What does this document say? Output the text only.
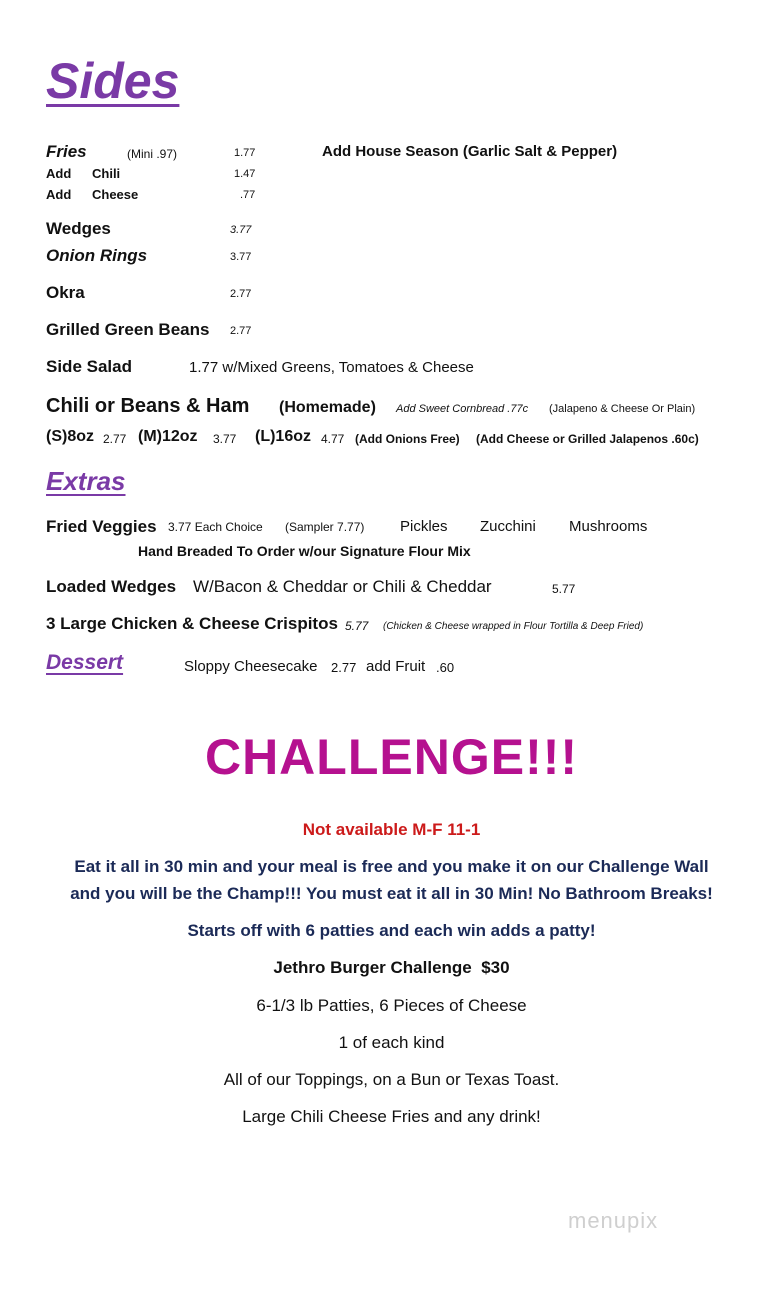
Sides
Fries	(Mini .97)	1.77	Add House Season (Garlic Salt & Pepper)
Add Chili	1.47
Add Cheese	.77
Wedges	3.77
Onion Rings	3.77
Okra	2.77
Grilled Green Beans 2.77
Side Salad	1.77 w/Mixed Greens, Tomatoes & Cheese
Chili or Beans & Ham (Homemade) Add Sweet Cornbread .77c (Jalapeno & Cheese Or Plain)
(S)8oz 2.77 (M)12oz 3.77 (L)16oz 4.77 (Add Onions Free) (Add Cheese or Grilled Jalapenos .60c)
Extras
Fried Veggies 3.77 Each Choice (Sampler 7.77) Pickles Zucchini Mushrooms
Hand Breaded To Order w/our Signature Flour Mix
Loaded Wedges W/Bacon & Cheddar or Chili & Cheddar	5.77
3 Large Chicken & Cheese Crispitos 5.77 (Chicken & Cheese wrapped in Flour Tortilla & Deep Fried)
Dessert	Sloppy Cheesecake 2.77 add Fruit .60
CHALLENGE!!!
Not available M-F 11-1
Eat it all in 30 min and your meal is free and you make it on our Challenge Wall
and you will be the Champ!!! You must eat it all in 30 Min! No Bathroom Breaks!
Starts off with 6 patties and each win adds a patty!
Jethro Burger Challenge $30
6-1/3 lb Patties, 6 Pieces of Cheese
1 of each kind
All of our Toppings, on a Bun or Texas Toast.
Large Chili Cheese Fries and any drink!
menupix
